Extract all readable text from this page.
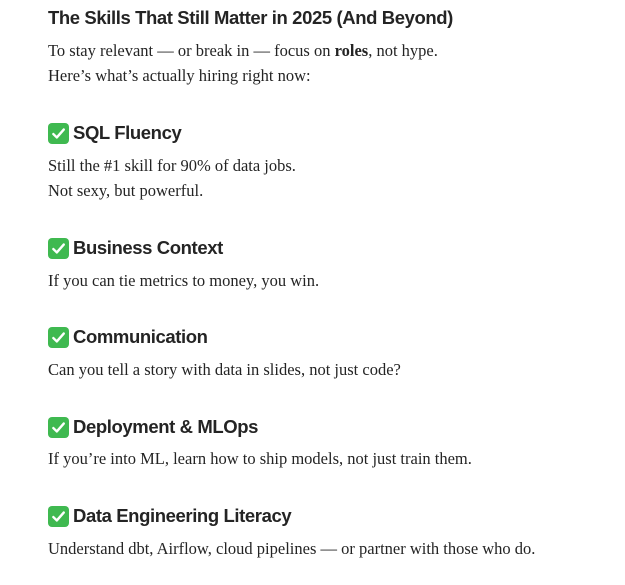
The Skills That Still Matter in 2025 (And Beyond)

To stay relevant — or break in — focus on roles, not hype.
Here’s what’s actually hiring right now:

SQL Fluency

Still the #1 skill for 90% of data jobs.
Not sexy, but powerful.

Business Context

If you can tie metrics to money, you win.

Communication

Can you tell a story with data in slides, not just code?

Deployment & MLOps

If you’re into ML, learn how to ship models, not just train them.

Data Engineering Literacy

Understand dbt, Airflow, cloud pipelines — or partner with those who do.
